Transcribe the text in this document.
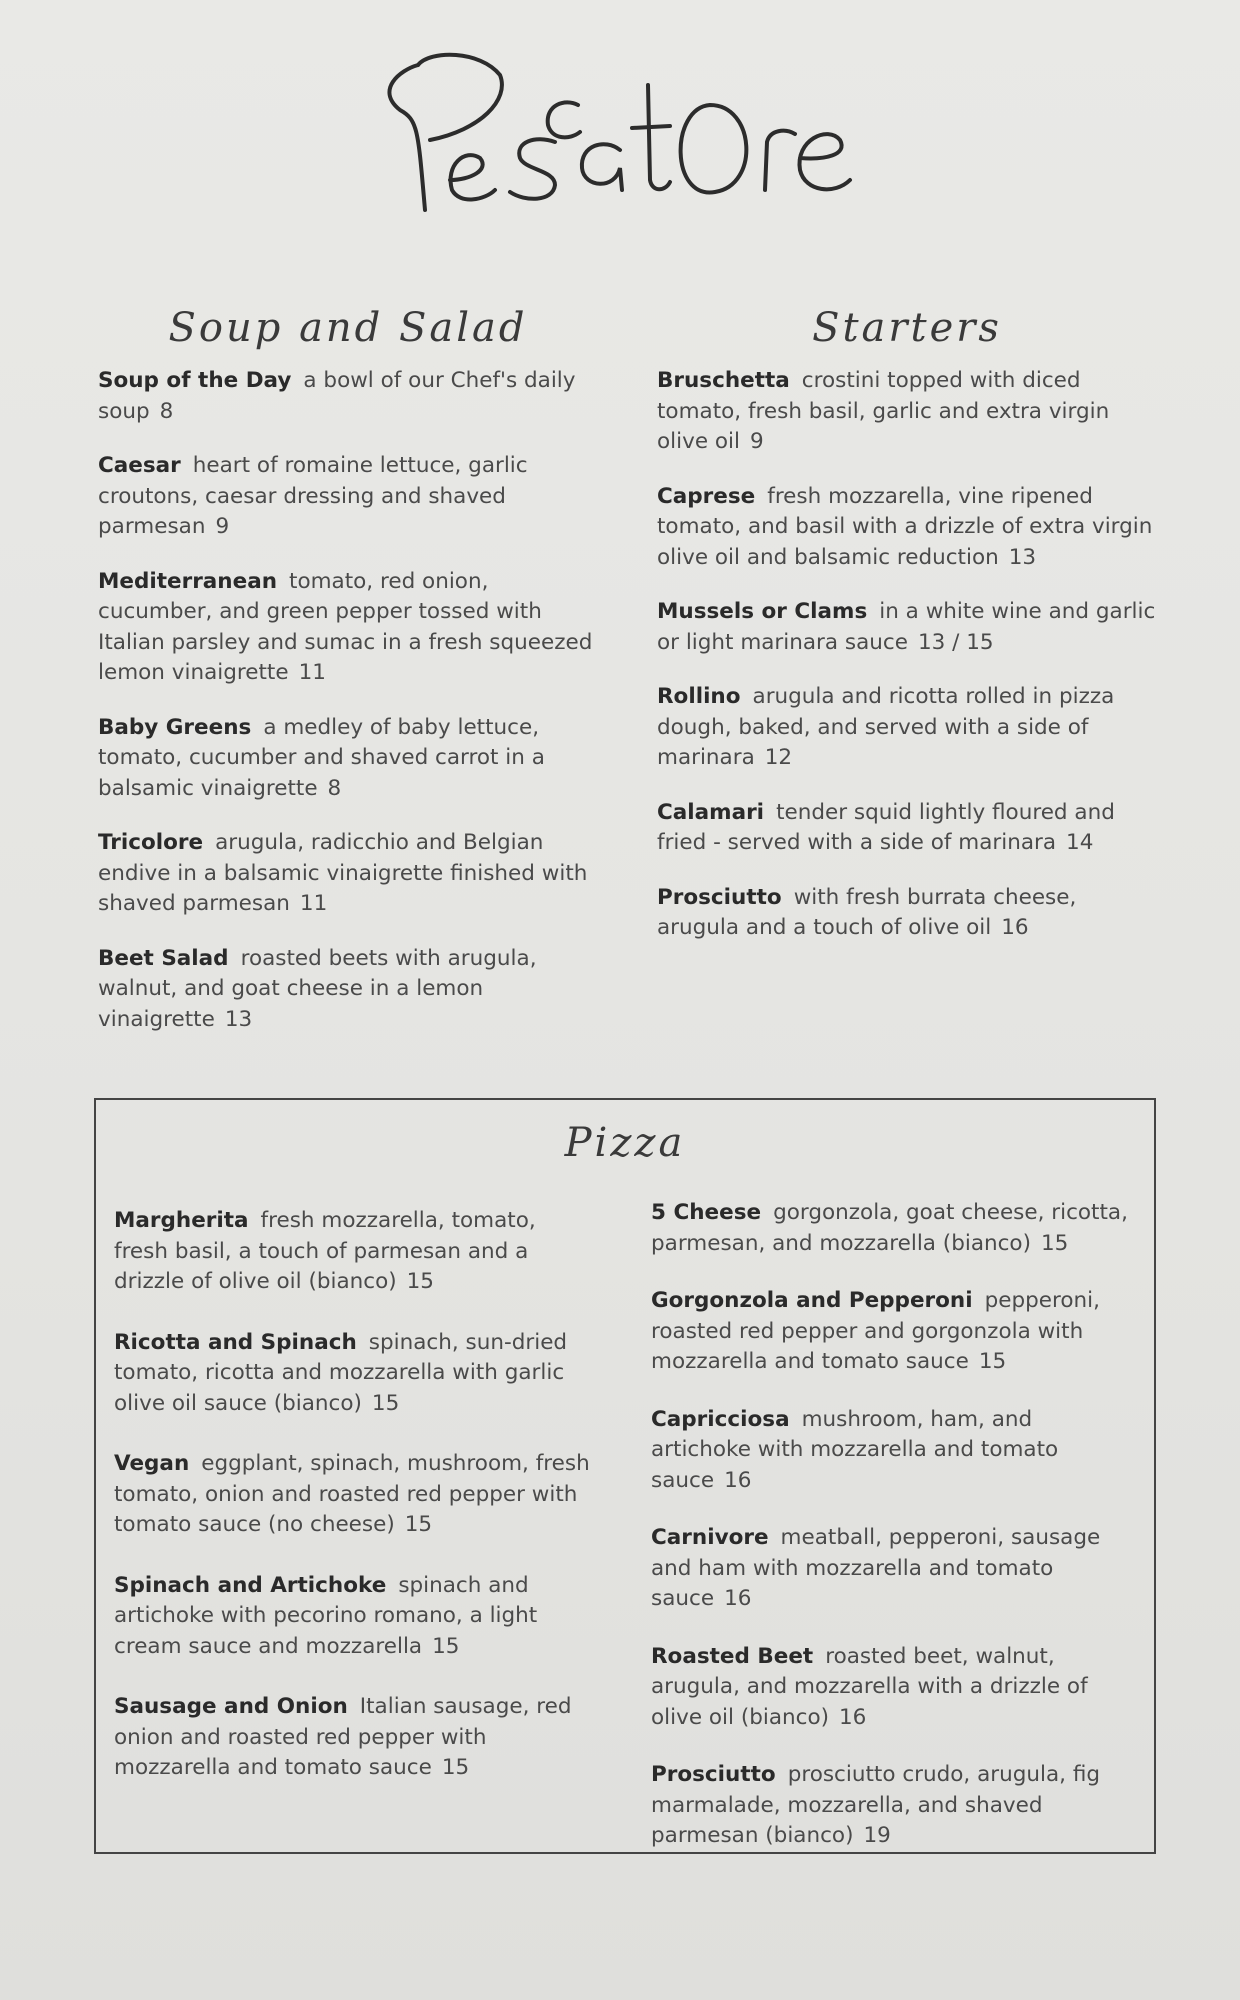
Soup and Salad
Soup of the Day a bowl of our Chef's daily soup 8
Caesar heart of romaine lettuce, garlic croutons, caesar dressing and shaved parmesan 9
Mediterranean tomato, red onion, cucumber, and green pepper tossed with Italian parsley and sumac in a fresh squeezed lemon vinaigrette 11
Baby Greens a medley of baby lettuce, tomato, cucumber and shaved carrot in a balsamic vinaigrette 8
Tricolore arugula, radicchio and Belgian endive in a balsamic vinaigrette finished with shaved parmesan 11
Beet Salad roasted beets with arugula, walnut, and goat cheese in a lemon vinaigrette 13
Starters
Bruschetta crostini topped with diced tomato, fresh basil, garlic and extra virgin olive oil 9
Caprese fresh mozzarella, vine ripened tomato, and basil with a drizzle of extra virgin olive oil and balsamic reduction 13
Mussels or Clams in a white wine and garlic or light marinara sauce 13 / 15
Rollino arugula and ricotta rolled in pizza dough, baked, and served with a side of marinara 12
Calamari tender squid lightly floured and fried - served with a side of marinara 14
Prosciutto with fresh burrata cheese, arugula and a touch of olive oil 16
Pizza
Margherita fresh mozzarella, tomato, fresh basil, a touch of parmesan and a drizzle of olive oil (bianco) 15
Ricotta and Spinach spinach, sun-dried tomato, ricotta and mozzarella with garlic olive oil sauce (bianco) 15
Vegan eggplant, spinach, mushroom, fresh tomato, onion and roasted red pepper with tomato sauce (no cheese) 15
Spinach and Artichoke spinach and artichoke with pecorino romano, a light cream sauce and mozzarella 15
Sausage and Onion Italian sausage, red onion and roasted red pepper with mozzarella and tomato sauce 15
5 Cheese gorgonzola, goat cheese, ricotta, parmesan, and mozzarella (bianco) 15
Gorgonzola and Pepperoni pepperoni, roasted red pepper and gorgonzola with mozzarella and tomato sauce 15
Capricciosa mushroom, ham, and artichoke with mozzarella and tomato sauce 16
Carnivore meatball, pepperoni, sausage and ham with mozzarella and tomato sauce 16
Roasted Beet roasted beet, walnut, arugula, and mozzarella with a drizzle of olive oil (bianco) 16
Prosciutto prosciutto crudo, arugula, fig marmalade, mozzarella, and shaved parmesan (bianco) 19
